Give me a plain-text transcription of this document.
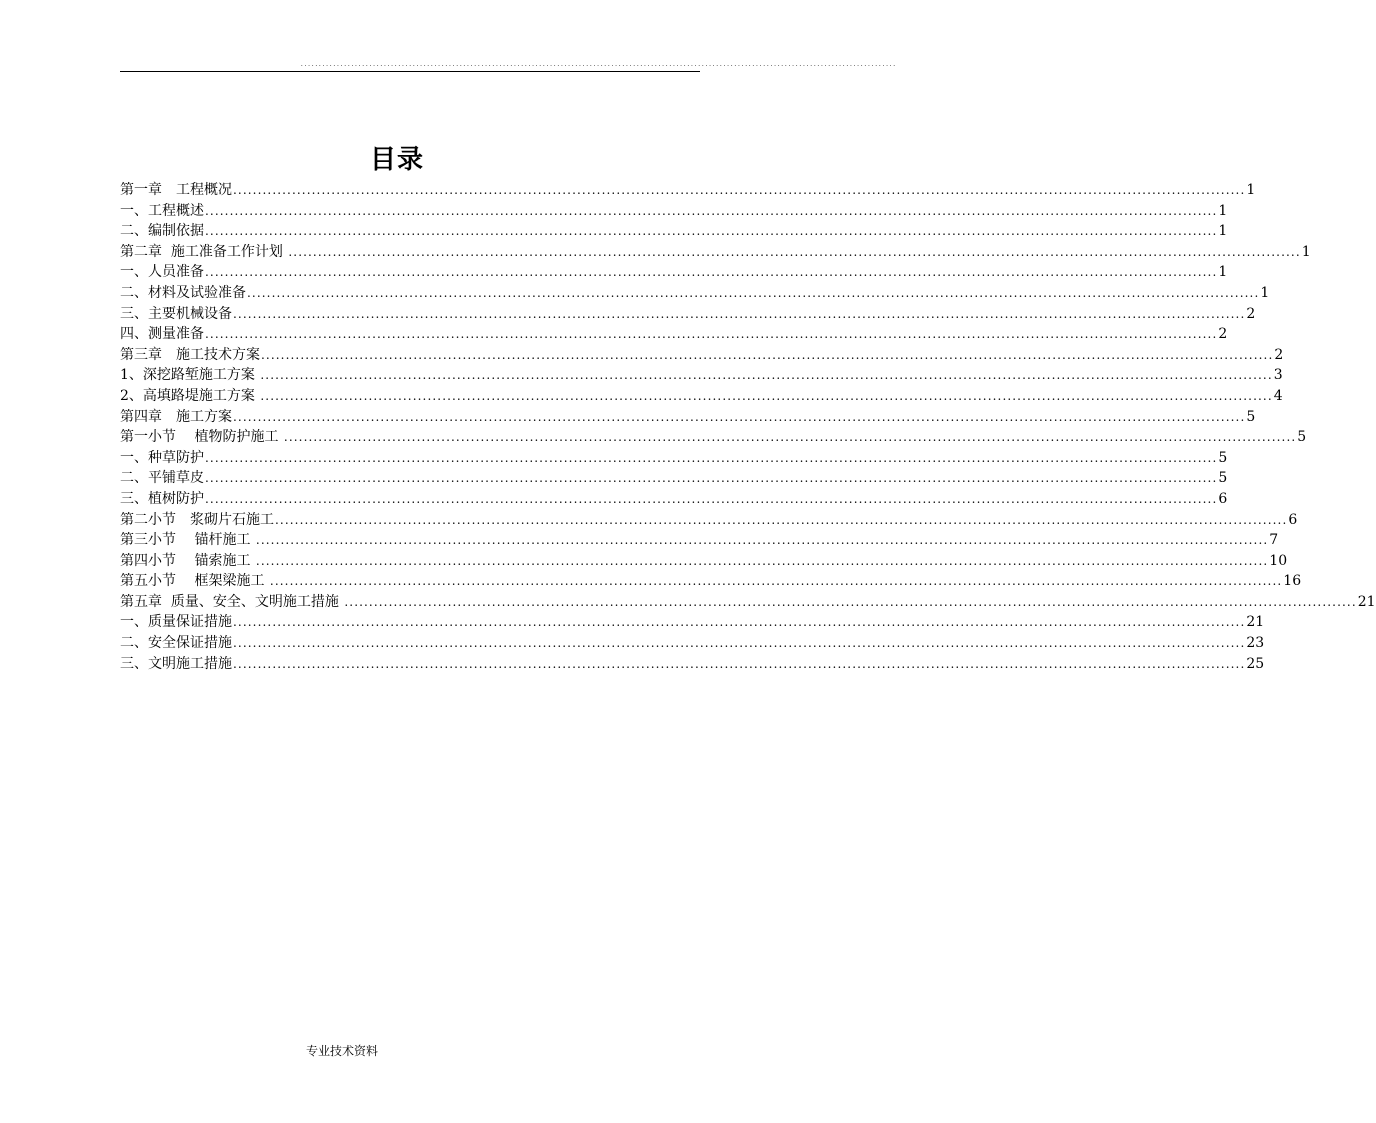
.....................................................................................................................................................................
目录
第一章　工程概况 .............................................................................................................................................................................................................. 1
一、工程概述 .............................................................................................................................................................................................................. 1
二、编制依据 .............................................................................................................................................................................................................. 1
第二章  施工准备工作计划 .............................................................................................................................................................................................................. 1
一、人员准备 .............................................................................................................................................................................................................. 1
二、材料及试验准备 .............................................................................................................................................................................................................. 1
三、主要机械设备 .............................................................................................................................................................................................................. 2
四、测量准备 .............................................................................................................................................................................................................. 2
第三章　施工技术方案 .............................................................................................................................................................................................................. 2
1、深挖路堑施工方案 .............................................................................................................................................................................................................. 3
2、高填路堤施工方案 .............................................................................................................................................................................................................. 4
第四章　施工方案 .............................................................................................................................................................................................................. 5
第一小节　 植物防护施工 .............................................................................................................................................................................................................. 5
一、种草防护 .............................................................................................................................................................................................................. 5
二、平铺草皮 .............................................................................................................................................................................................................. 5
三、植树防护 .............................................................................................................................................................................................................. 6
第二小节　浆砌片石施工 .............................................................................................................................................................................................................. 6
第三小节　 锚杆施工 .............................................................................................................................................................................................................. 7
第四小节　 锚索施工 .............................................................................................................................................................................................................. 10
第五小节　 框架梁施工 .............................................................................................................................................................................................................. 16
第五章  质量、安全、文明施工措施 .............................................................................................................................................................................................................. 21
一、质量保证措施 .............................................................................................................................................................................................................. 21
二、安全保证措施 .............................................................................................................................................................................................................. 23
三、文明施工措施 .............................................................................................................................................................................................................. 25
专业技术资料
